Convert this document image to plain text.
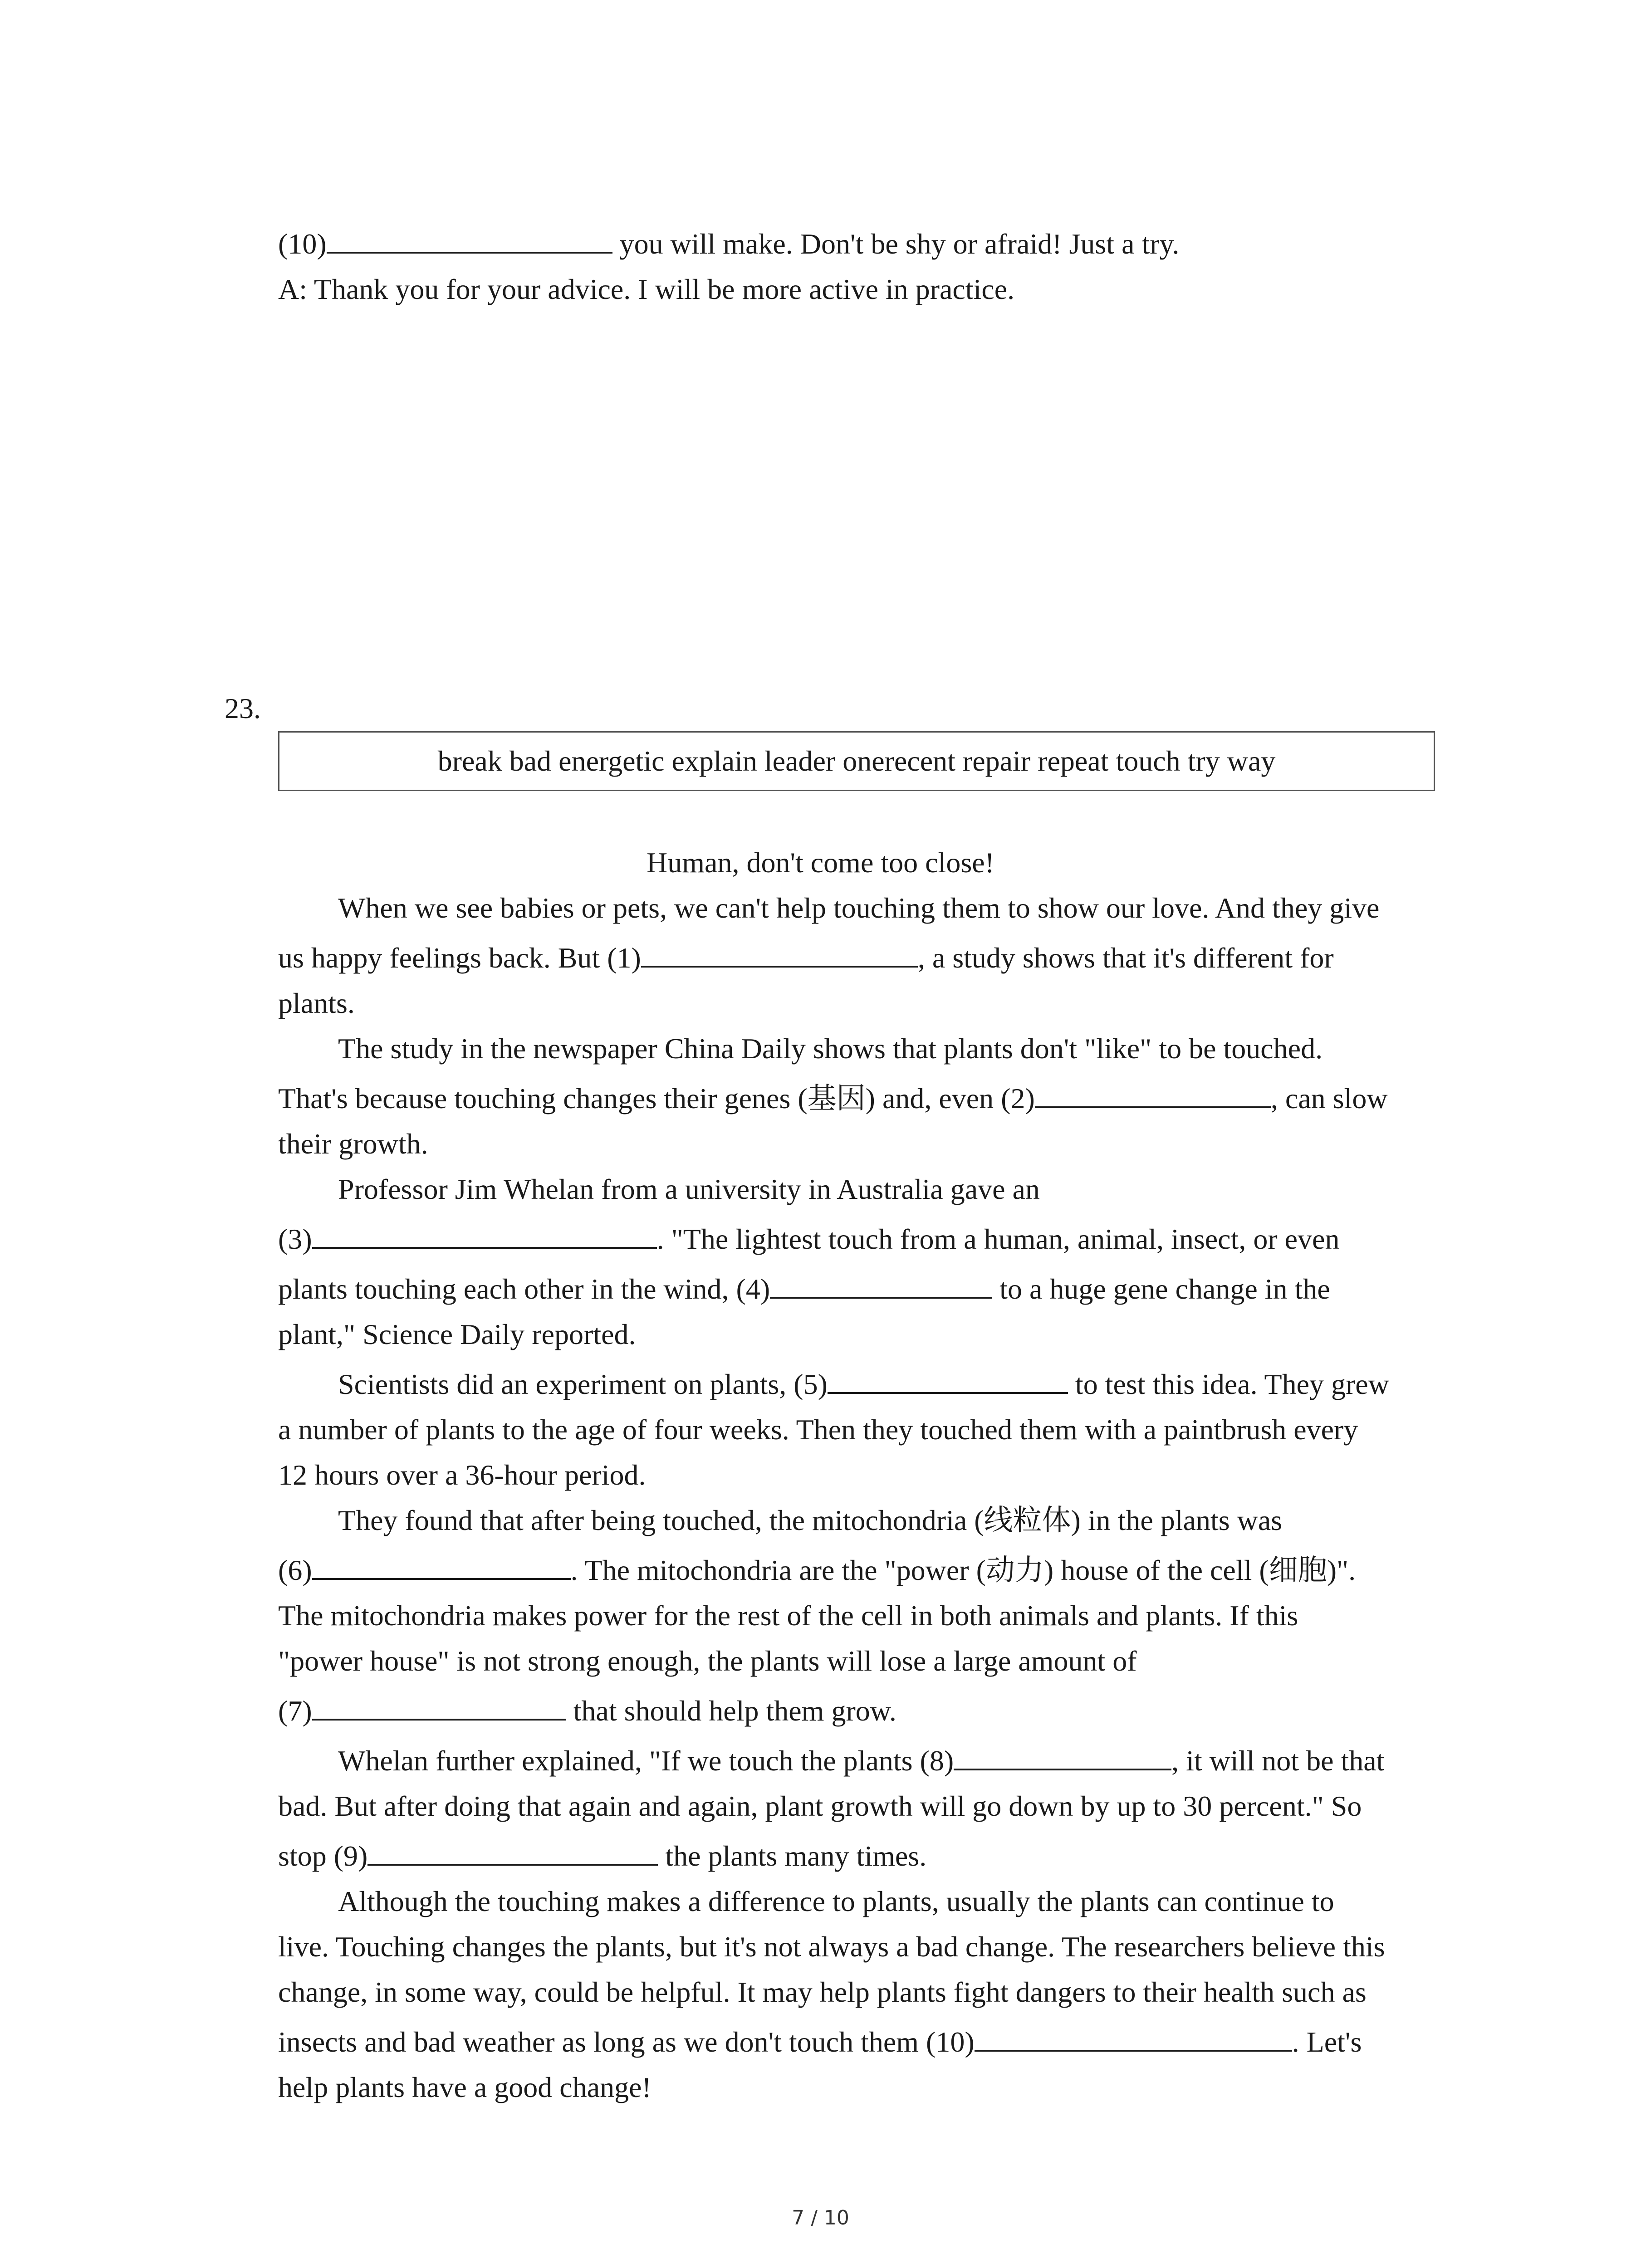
(10)	you will make. Don't be shy or afraid! Just a try.
A: Thank you for your advice. I will be more active in practice.
23.
break bad energetic explain leader onerecent repair repeat touch try way
Human, don't come too close!
When we see babies or pets, we can't help touching them to show our love. And they give
us happy feelings back. But (1)	, a study shows that it's different for
plants.
The study in the newspaper China Daily shows that plants don't "like" to be touched.
That's because touching changes their genes (基因) and, even (2)	, can slow
their growth.
Professor Jim Whelan from a university in Australia gave an
(3)	. "The lightest touch from a human, animal, insect, or even
plants touching each other in the wind, (4)	to a huge gene change in the
plant," Science Daily reported.
Scientists did an experiment on plants, (5)	to test this idea. They grew
a number of plants to the age of four weeks. Then they touched them with a paintbrush every
12 hours over a 36-hour period.
They found that after being touched, the mitochondria (线粒体) in the plants was
(6)	. The mitochondria are the "power (动力) house of the cell (细胞)".
The mitochondria makes power for the rest of the cell in both animals and plants. If this
"power house" is not strong enough, the plants will lose a large amount of
(7)	that should help them grow.
Whelan further explained, "If we touch the plants (8)	, it will not be that
bad. But after doing that again and again, plant growth will go down by up to 30 percent." So
stop (9)	the plants many times.
Although the touching makes a difference to plants, usually the plants can continue to
live. Touching changes the plants, but it's not always a bad change. The researchers believe this
change, in some way, could be helpful. It may help plants fight dangers to their health such as
insects and bad weather as long as we don't touch them (10)	. Let's
help plants have a good change!
7 / 10
